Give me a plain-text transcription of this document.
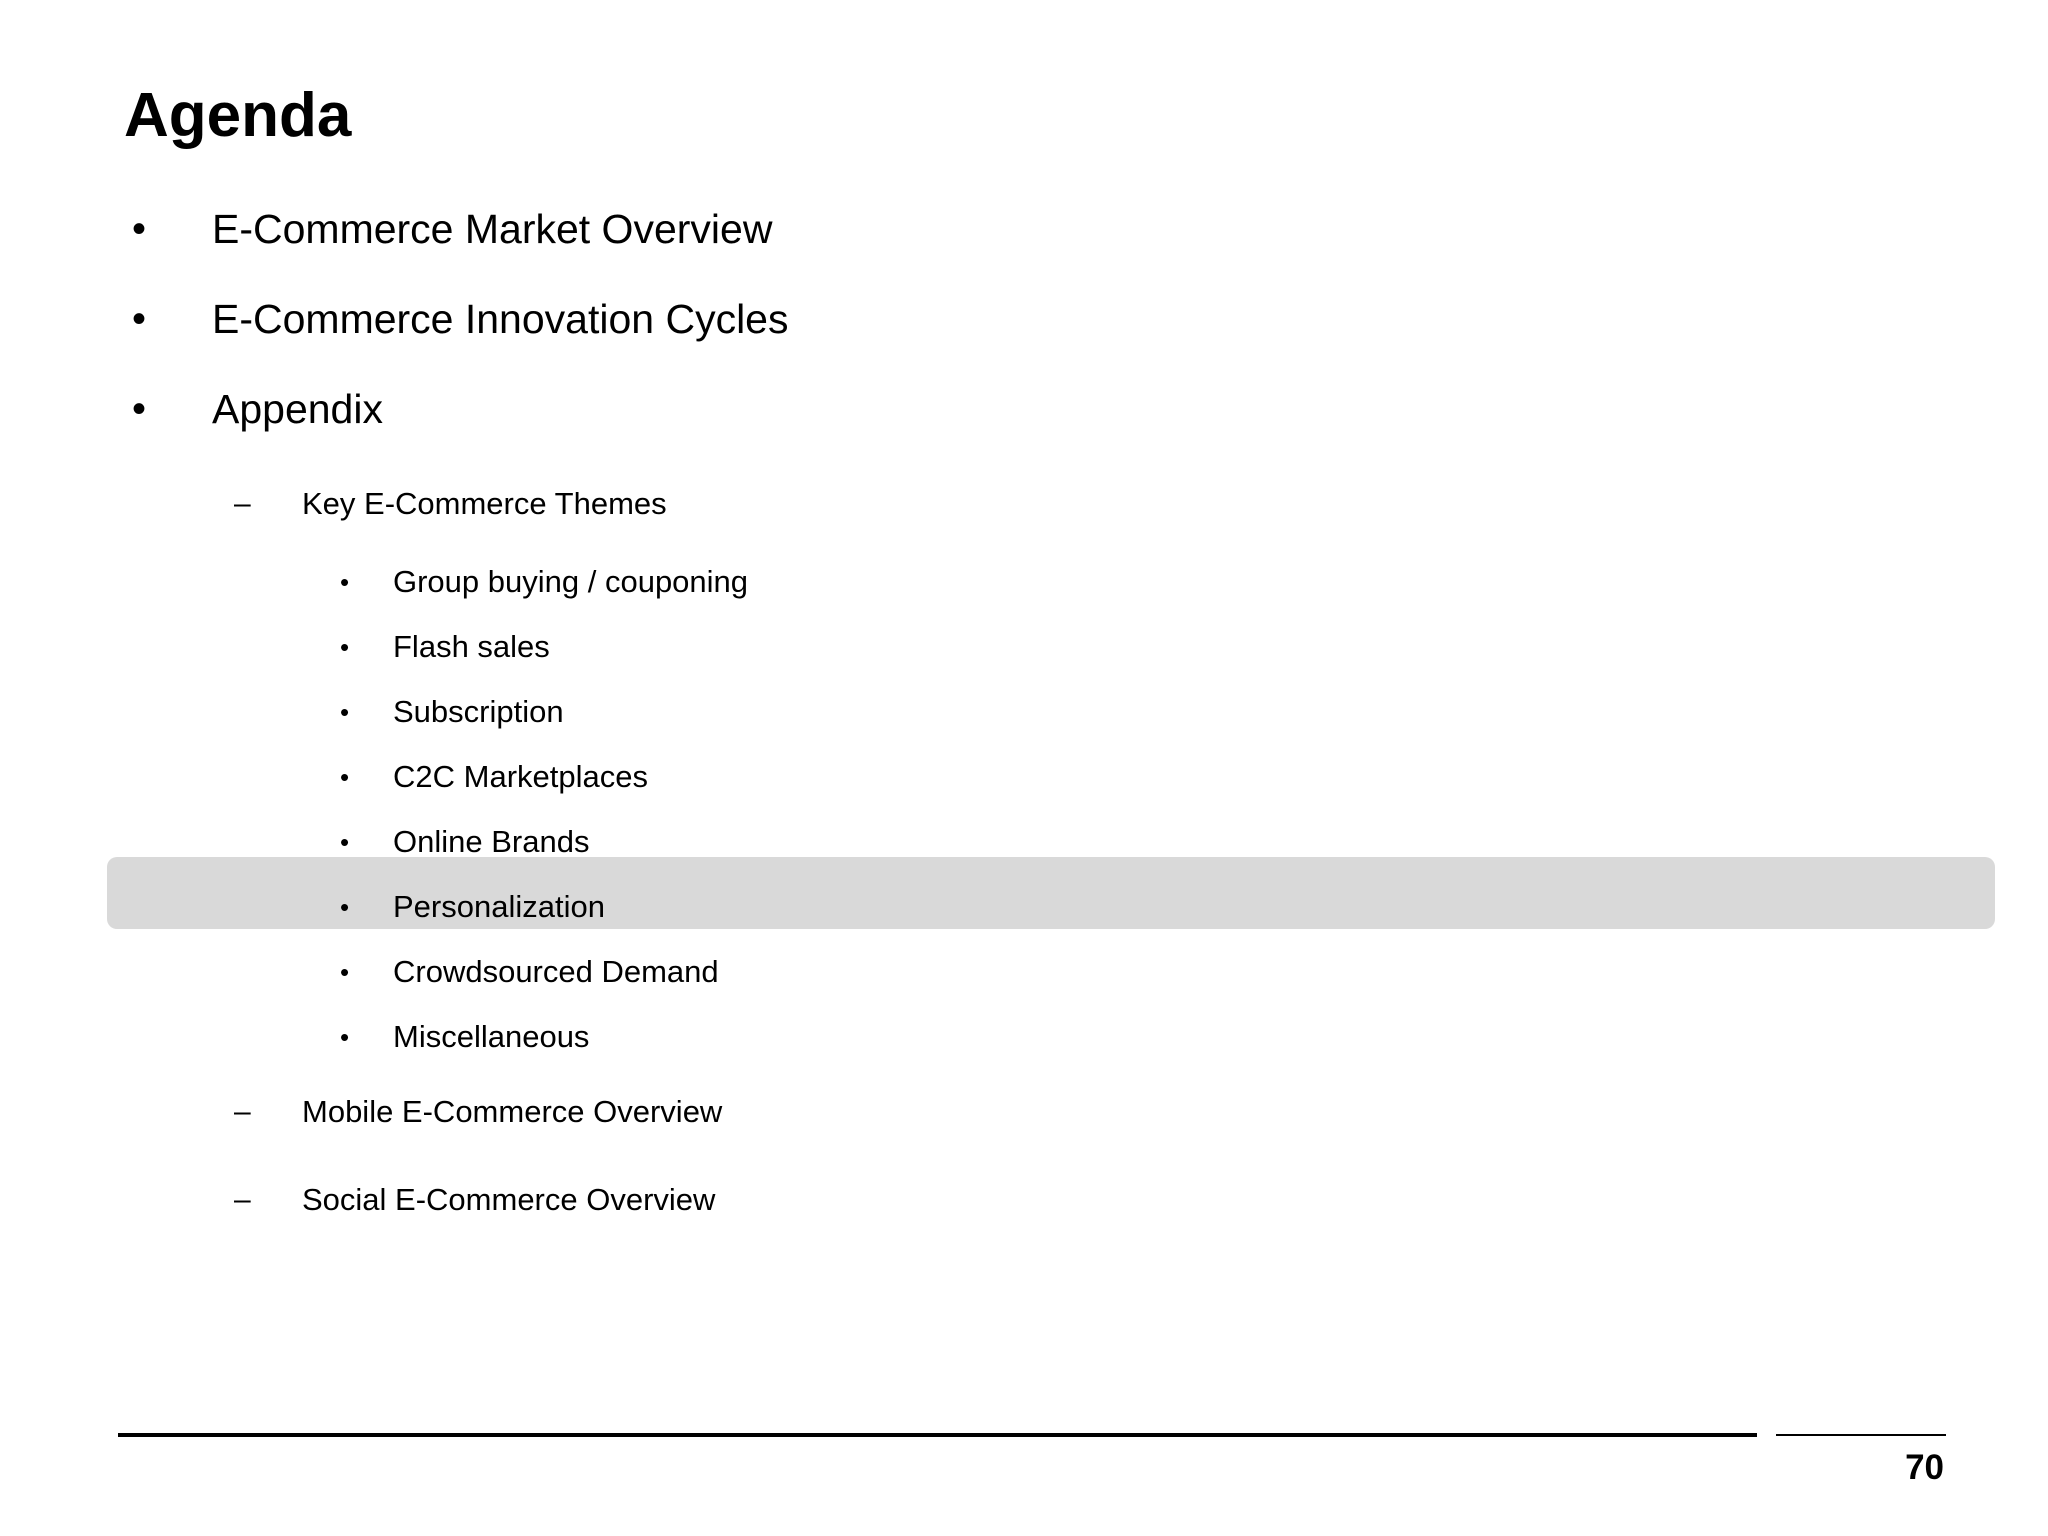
Agenda
• E-Commerce Market Overview
• E-Commerce Innovation Cycles
• Appendix
– Key E-Commerce Themes
• Group buying / couponing
• Flash sales
• Subscription
• C2C Marketplaces
• Online Brands
• Personalization
• Crowdsourced Demand
• Miscellaneous
– Mobile E-Commerce Overview
– Social E-Commerce Overview
70
